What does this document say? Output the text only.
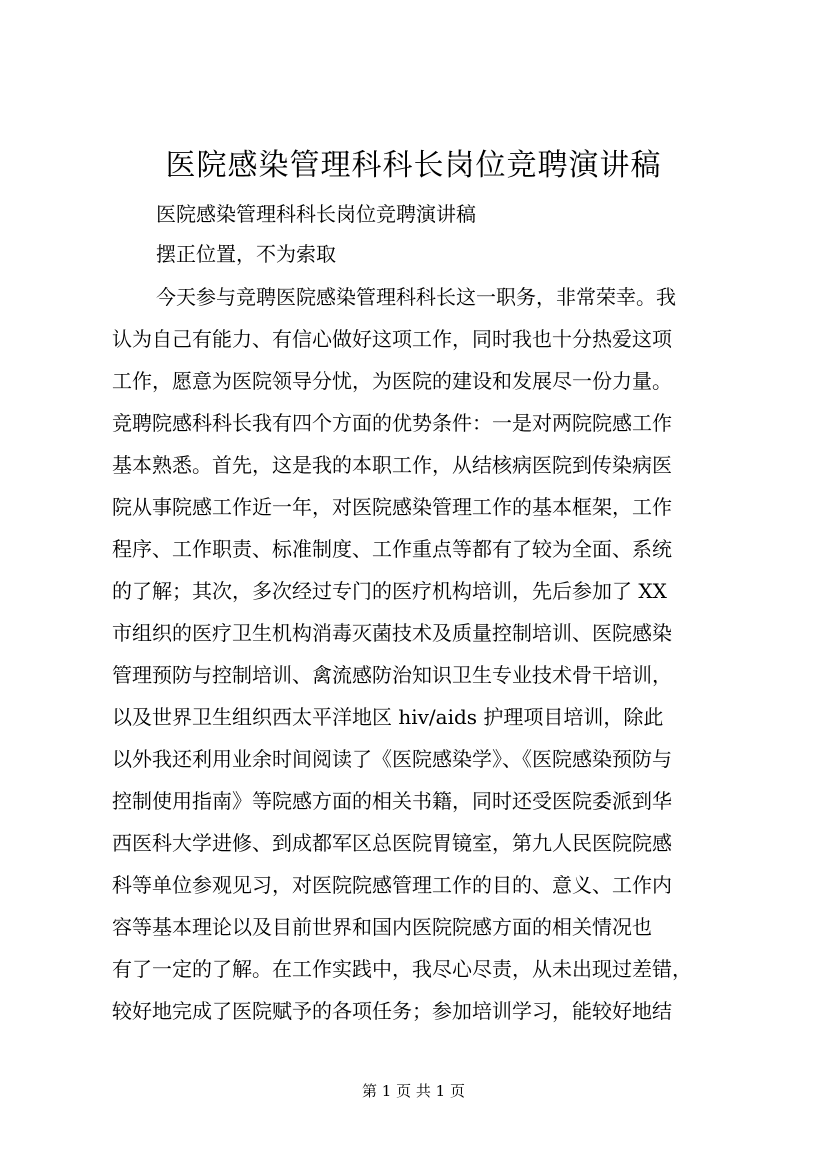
医院感染管理科科长岗位竞聘演讲稿

医院感染管理科科长岗位竞聘演讲稿

摆正位置，不为索取

今天参与竞聘医院感染管理科科长这一职务，非常荣幸。我

认为自己有能力、有信心做好这项工作，同时我也十分热爱这项

工作，愿意为医院领导分忧，为医院的建设和发展尽一份力量。

竞聘院感科科长我有四个方面的优势条件：一是对两院院感工作

基本熟悉。首先，这是我的本职工作，从结核病医院到传染病医

院从事院感工作近一年，对医院感染管理工作的基本框架，工作

程序、工作职责、标准制度、工作重点等都有了较为全面、系统

的了解；其次，多次经过专门的医疗机构培训，先后参加了 XX

市组织的医疗卫生机构消毒灭菌技术及质量控制培训、医院感染

管理预防与控制培训、禽流感防治知识卫生专业技术骨干培训，

以及世界卫生组织西太平洋地区 hiv/aids 护理项目培训，除此

以外我还利用业余时间阅读了《医院感染学》、《医院感染预防与

控制使用指南》等院感方面的相关书籍，同时还受医院委派到华

西医科大学进修、到成都军区总医院胃镜室，第九人民医院院感

科等单位参观见习，对医院院感管理工作的目的、意义、工作内

容等基本理论以及目前世界和国内医院院感方面的相关情况也

有了一定的了解。在工作实践中，我尽心尽责，从未出现过差错，

较好地完成了医院赋予的各项任务；参加培训学习，能较好地结

第 1 页 共 1 页
